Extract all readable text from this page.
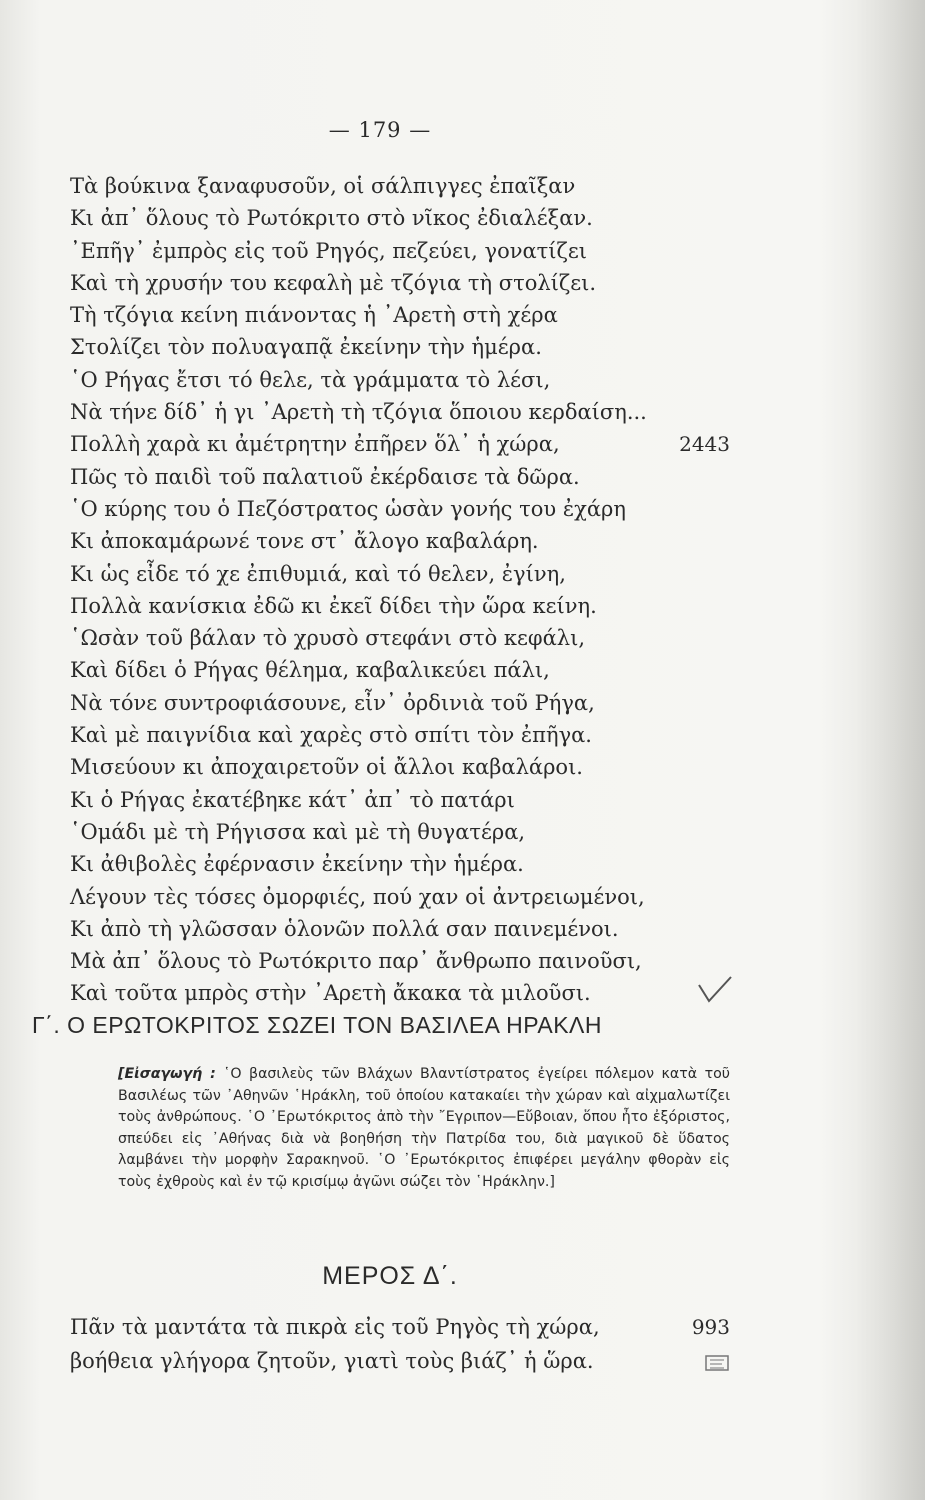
— 179 —
Τὰ βούκινα ξαναφυσοῦν, οἱ σάλπιγγες ἐπαῖξαν
Κι ἀπ᾽ ὅλους τὸ Ρωτόκριτο στὸ νῖκος ἐδιαλέξαν.
᾽Επῆγ᾽ ἐμπρὸς εἰς τοῦ Ρηγός, πεζεύει, γονατίζει
Καὶ τὴ χρυσήν του κεφαλὴ μὲ τζόγια τὴ στολίζει.
Τὴ τζόγια κείνη πιάνοντας ἡ ᾽Αρετὴ στὴ χέρα
Στολίζει τὸν πολυαγαπᾷ ἐκείνην τὴν ἡμέρα.
῾Ο Ρήγας ἔτσι τό θελε, τὰ γράμματα τὸ λέσι,
Νὰ τήνε δίδ᾽ ἡ γι ᾽Αρετὴ τὴ τζόγια ὅποιου κερδαίση...
Πολλὴ χαρὰ κι ἀμέτρητην ἐπῆρεν ὅλ᾽ ἡ χώρα,	2443
Πῶς τὸ παιδὶ τοῦ παλατιοῦ ἐκέρδαισε τὰ δῶρα.
῾Ο κύρης του ὁ Πεζόστρατος ὡσὰν γονής του ἐχάρη
Κι ἀποκαμάρωνέ τονε στ᾽ ἄλογο καβαλάρη.
Κι ὡς εἶδε τό χε ἐπιθυμιά, καὶ τό θελεν, ἐγίνη,
Πολλὰ κανίσκια ἐδῶ κι ἐκεῖ δίδει τὴν ὥρα κείνη.
῾Ωσὰν τοῦ βάλαν τὸ χρυσὸ στεφάνι στὸ κεφάλι,
Καὶ δίδει ὁ Ρήγας θέλημα, καβαλικεύει πάλι,
Νὰ τόνε συντροφιάσουνε, εἶν᾽ ὀρδινιὰ τοῦ Ρήγα,
Καὶ μὲ παιγνίδια καὶ χαρὲς στὸ σπίτι τὸν ἐπῆγα.
Μισεύουν κι ἀποχαιρετοῦν οἱ ἄλλοι καβαλάροι.
Κι ὁ Ρήγας ἐκατέβηκε κάτ᾽ ἀπ᾽ τὸ πατάρι
῾Ομάδι μὲ τὴ Ρήγισσα καὶ μὲ τὴ θυγατέρα,
Κι ἀθιβολὲς ἐφέρνασιν ἐκείνην τὴν ἡμέρα.
Λέγουν τὲς τόσες ὀμορφιές, πού χαν οἱ ἀντρειωμένοι,
Κι ἀπὸ τὴ γλῶσσαν ὁλονῶν πολλά σαν παινεμένοι.
Μὰ ἀπ᾽ ὅλους τὸ Ρωτόκριτο παρ᾽ ἄνθρωπο παινοῦσι,
Καὶ τοῦτα μπρὸς στὴν ᾽Αρετὴ ἄκακα τὰ μιλοῦσι.
Γ΄. Ο ΕΡΩΤΟΚΡΙΤΟΣ ΣΩΖΕΙ ΤΟΝ ΒΑΣΙΛΕΑ ΗΡΑΚΛΗ
[Εἰσαγωγή : ῾Ο βασιλεὺς τῶν Βλάχων Βλαντίστρατος ἐγείρει πόλεμον κατὰ τοῦ Βασιλέως τῶν ᾽Αθηνῶν ῾Ηράκλη, τοῦ ὁποίου κατακαίει τὴν χώραν καὶ αἰχμαλωτίζει τοὺς ἀνθρώπους. ῾Ο ᾽Ερωτόκριτος ἀπὸ τὴν ῎Εγριπον—Εὔβοιαν, ὅπου ἦτο ἐξόριστος, σπεύδει εἰς ᾽Αθήνας διὰ νὰ βοηθήση τὴν Πατρίδα του, διὰ μαγικοῦ δὲ ὕδατος λαμβάνει τὴν μορφὴν Σαρακηνοῦ. ῾Ο ᾽Ερωτόκριτος ἐπιφέρει μεγάλην φθορὰν εἰς τοὺς ἐχθροὺς καὶ ἐν τῷ κρισίμῳ ἀγῶνι σώζει τὸν ῾Ηράκλην.]
ΜΕΡΟΣ Δ΄.
Πᾶν τὰ μαντάτα τὰ πικρὰ εἰς τοῦ Ρηγὸς τὴ χώρα,	993
βοήθεια γλήγορα ζητοῦν, γιατὶ τοὺς βιάζ᾽ ἡ ὥρα.
